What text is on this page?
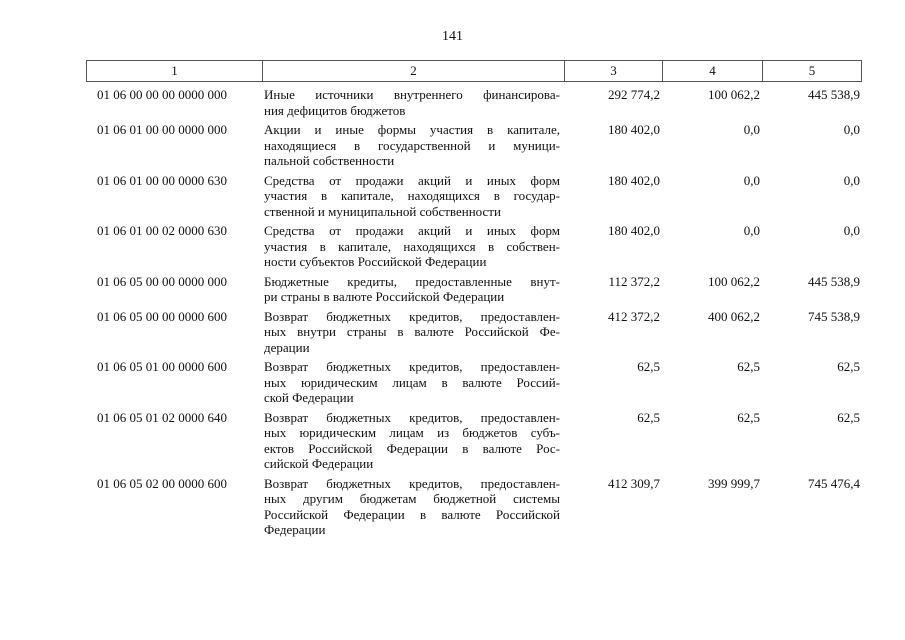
141
1	2	3	4	5
01 06 00 00 00 0000 000	Иные источники внутреннего финансирова-
ния дефицитов бюджетов
292 774,2	100 062,2	445 538,9
01 06 01 00 00 0000 000	Акции и иные формы участия в капитале,
находящиеся в государственной и муници-
пальной собственности
180 402,0	0,0	0,0
01 06 01 00 00 0000 630	Средства от продажи акций и иных форм
участия в капитале, находящихся в государ-
ственной и муниципальной собственности
180 402,0	0,0	0,0
01 06 01 00 02 0000 630	Средства от продажи акций и иных форм
участия в капитале, находящихся в собствен-
ности субъектов Российской Федерации
180 402,0	0,0	0,0
01 06 05 00 00 0000 000	Бюджетные кредиты, предоставленные внут-
ри страны в валюте Российской Федерации
112 372,2	100 062,2	445 538,9
01 06 05 00 00 0000 600	Возврат бюджетных кредитов, предоставлен-
ных внутри страны в валюте Российской Фе-
дерации
412 372,2	400 062,2	745 538,9
01 06 05 01 00 0000 600	Возврат бюджетных кредитов, предоставлен-
ных юридическим лицам в валюте Россий-
ской Федерации
62,5	62,5	62,5
01 06 05 01 02 0000 640	Возврат бюджетных кредитов, предоставлен-
ных юридическим лицам из бюджетов субъ-
ектов Российской Федерации в валюте Рос-
сийской Федерации
62,5	62,5	62,5
01 06 05 02 00 0000 600	Возврат бюджетных кредитов, предоставлен-
ных другим бюджетам бюджетной системы
Российской Федерации в валюте Российской
Федерации
412 309,7	399 999,7	745 476,4
